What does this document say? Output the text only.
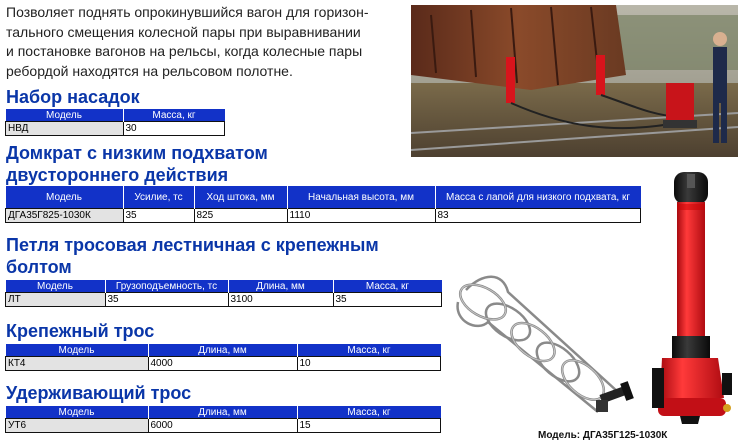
Позволяет поднять опрокинувшийся вагон для горизон-
тального смещения колесной пары при выравнивании
и постановке вагонов на рельсы, когда колесные пары
ребордой находятся на рельсовом полотне.
Набор насадок
Модель	Масса, кг
НВД	30
Домкрат с низким подхватом
двустороннего действия
Модель	Усилие, тс	Ход штока, мм	Начальная высота, мм	Масса с лапой для низкого подхвата, кг
ДГА35Г825-1030К	35	825	1110	83
Петля тросовая лестничная с крепежным
болтом
Модель	Грузоподъемность, тс	Длина, мм	Масса, кг
ЛТ	35	3100	35
Крепежный трос
Модель	Длина, мм	Масса, кг
КТ4	4000	10
Удерживающий трос
Модель	Длина, мм	Масса, кг
УТ6	6000	15
Модель: ДГА35Г125-1030К
